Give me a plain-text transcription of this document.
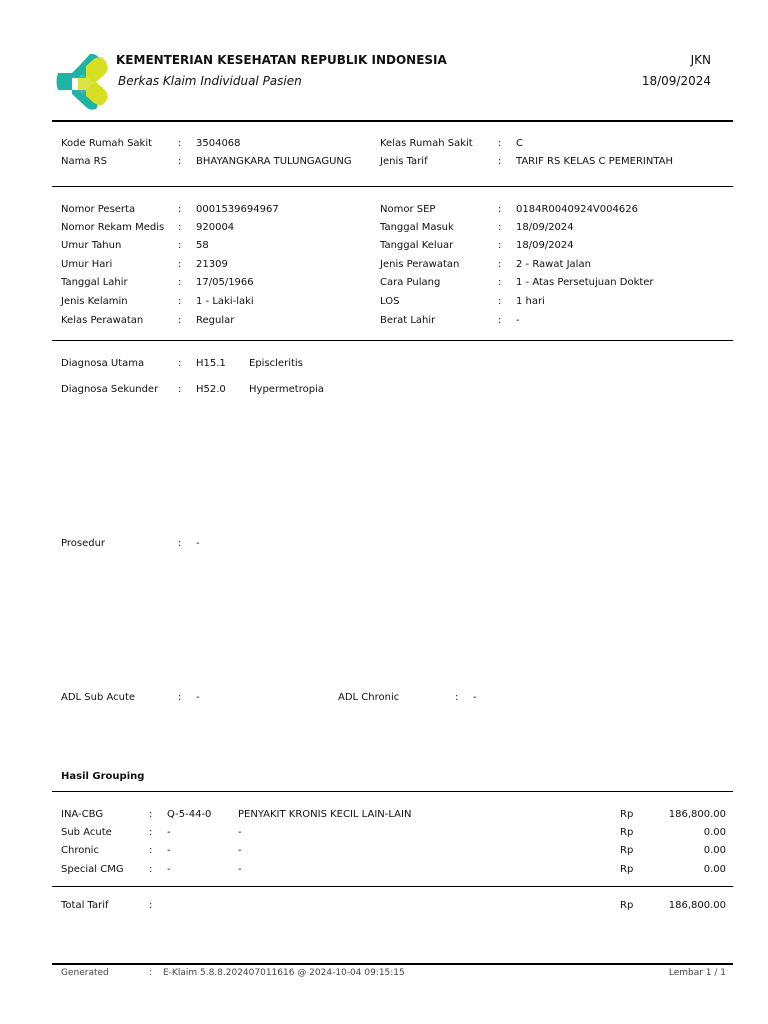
KEMENTERIAN KESEHATAN REPUBLIK INDONESIA
Berkas Klaim Individual Pasien
JKN
18/09/2024
Kode Rumah Sakit	: 3504068
Nama RS	: BHAYANGKARA TULUNGAGUNG
Kelas Rumah Sakit	: C
Jenis Tarif	: TARIF RS KELAS C PEMERINTAH
Nomor Peserta	: 0001539694967
Nomor Rekam Medis : 920004
Umur Tahun	: 58
Umur Hari	: 21309
Tanggal Lahir	: 17/05/1966
Jenis Kelamin	: 1 - Laki-laki
Kelas Perawatan	: Regular
Nomor SEP	: 0184R0040924V004626
Tanggal Masuk	: 18/09/2024
Tanggal Keluar	: 18/09/2024
Jenis Perawatan	: 2 - Rawat Jalan
Cara Pulang	: 1 - Atas Persetujuan Dokter
LOS	: 1 hari
Berat Lahir	: -
Diagnosa Utama	: H15.1 Episcleritis
Diagnosa Sekunder : H52.0 Hypermetropia
Prosedur	: -
ADL Sub Acute	: -	ADL Chronic	: -
Hasil Grouping
INA-CBG	: Q-5-44-0	PENYAKIT KRONIS KECIL LAIN-LAIN	Rp	186,800.00
Sub Acute	: -	-	Rp	0.00
Chronic	: -	-	Rp	0.00
Special CMG	: -	-	Rp	0.00
Total Tarif	:	Rp	186,800.00
Generated	: E-Klaim 5.8.8.202407011616 @ 2024-10-04 09:15:15	Lembar 1 / 1
